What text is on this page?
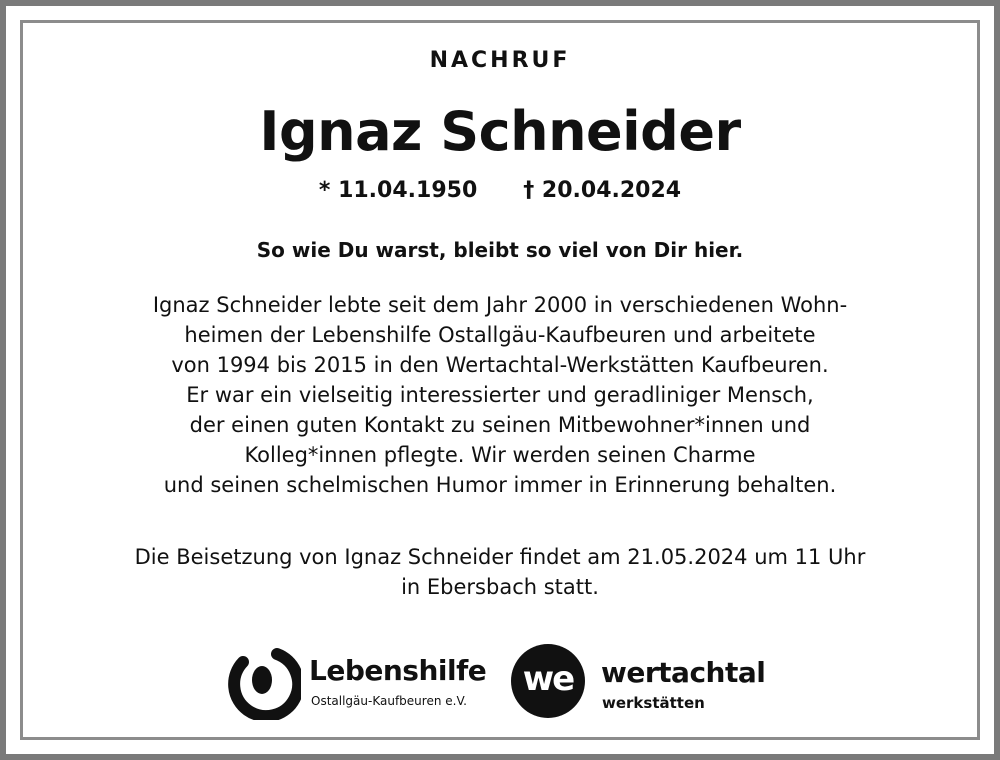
NACHRUF
Ignaz Schneider
* 11.04.1950 † 20.04.2024
So wie Du warst, bleibt so viel von Dir hier.
Ignaz Schneider lebte seit dem Jahr 2000 in verschiedenen Wohn-
heimen der Lebenshilfe Ostallgäu-Kaufbeuren und arbeitete
von 1994 bis 2015 in den Wertachtal-Werkstätten Kaufbeuren.
Er war ein vielseitig interessierter und geradliniger Mensch,
der einen guten Kontakt zu seinen Mitbewohner*innen und
Kolleg*innen pflegte. Wir werden seinen Charme
und seinen schelmischen Humor immer in Erinnerung behalten.
Die Beisetzung von Ignaz Schneider findet am 21.05.2024 um 11 Uhr
in Ebersbach statt.
Lebenshilfe
Ostallgäu-Kaufbeuren e.V.
we wertachtal
werkstätten
